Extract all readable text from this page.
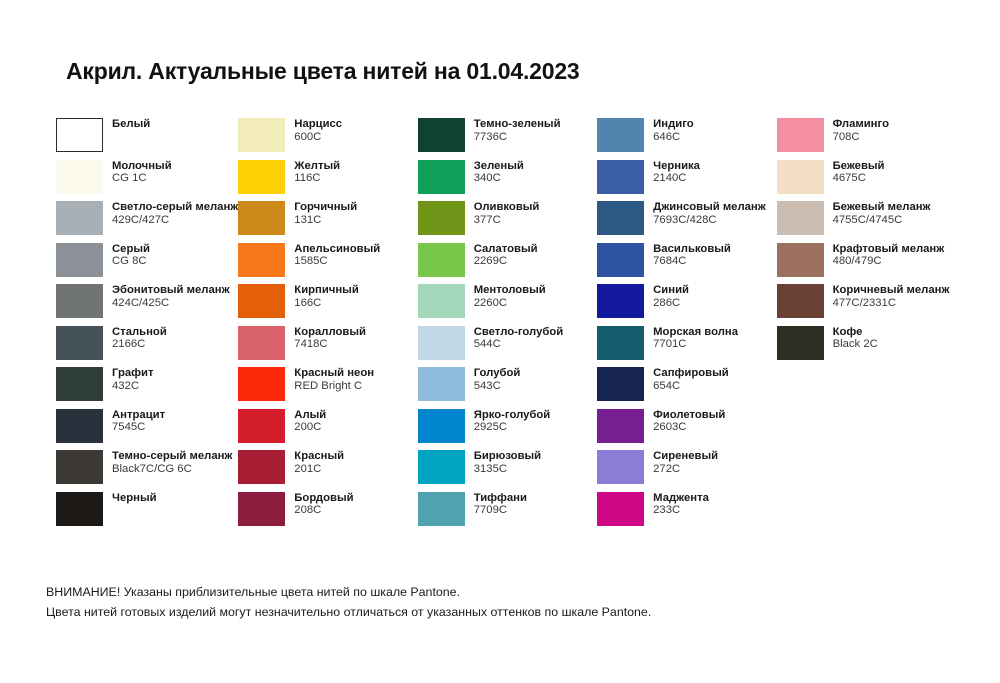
Акрил. Актуальные цвета нитей на 01.04.2023
Белый
Молочный
CG 1C
Светло-серый меланж
429C/427C
Серый
CG 8C
Эбонитовый меланж
424C/425C
Стальной
2166C
Графит
432C
Антрацит
7545C
Темно-серый меланж
Black7C/CG 6C
Черный
Нарцисс
600C
Желтый
116C
Горчичный
131C
Апельсиновый
1585C
Кирпичный
166C
Коралловый
7418C
Красный неон
RED Bright C
Алый
200C
Красный
201C
Бордовый
208C
Темно-зеленый
7736C
Зеленый
340C
Оливковый
377C
Салатовый
2269C
Ментоловый
2260C
Светло-голубой
544C
Голубой
543C
Ярко-голубой
2925C
Бирюзовый
3135C
Тиффани
7709C
Индиго
646C
Черника
2140C
Джинсовый меланж
7693C/428C
Васильковый
7684C
Синий
286C
Морская волна
7701C
Сапфировый
654C
Фиолетовый
2603C
Сиреневый
272C
Маджента
233C
Фламинго
708C
Бежевый
4675C
Бежевый меланж
4755C/4745C
Крафтовый меланж
480/479C
Коричневый меланж
477C/2331C
Кофе
Black 2C
ВНИМАНИЕ! Указаны приблизительные цвета нитей по шкале Pantone.
Цвета нитей готовых изделий могут незначительно отличаться от указанных оттенков по шкале Pantone.
